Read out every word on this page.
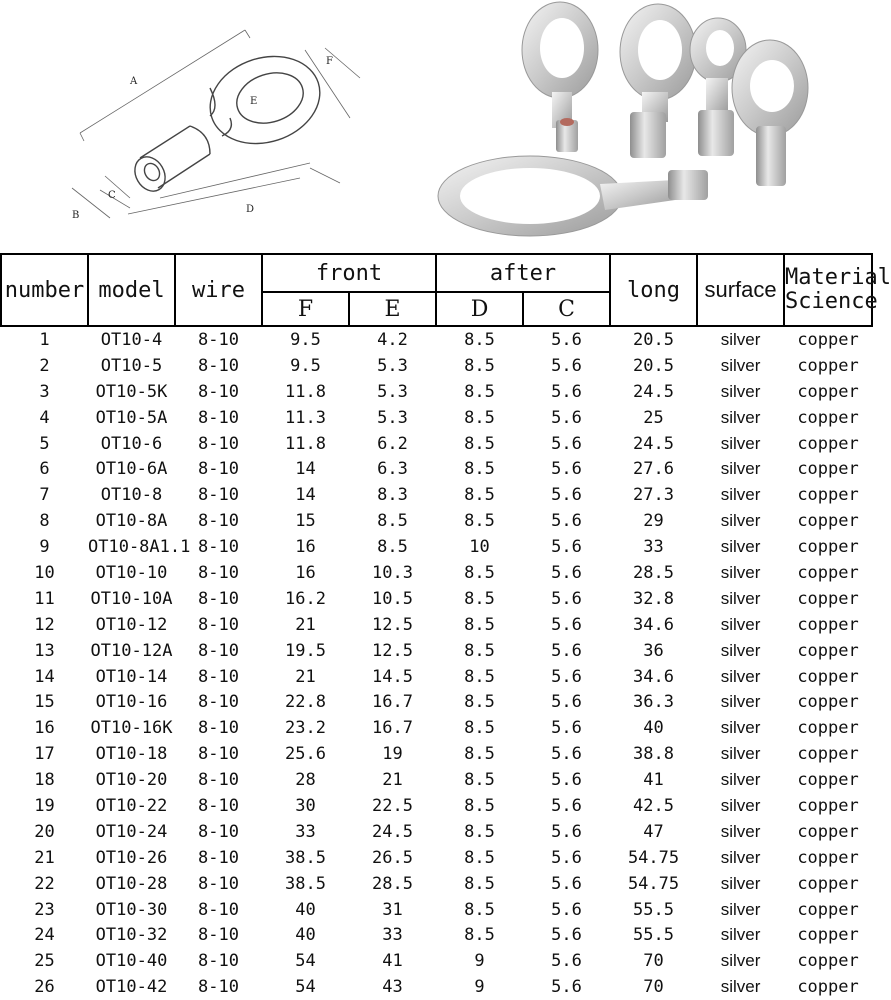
A
B
C
D
E
F
number	model	wire	front		after		long	surface	Material
Science
			F	E	D	C			
1	OT10-4	8-10	9.5	4.2	8.5	5.6	20.5	silver	copper
2	OT10-5	8-10	9.5	5.3	8.5	5.6	20.5	silver	copper
3	OT10-5K	8-10	11.8	5.3	8.5	5.6	24.5	silver	copper
4	OT10-5A	8-10	11.3	5.3	8.5	5.6	25	silver	copper
5	OT10-6	8-10	11.8	6.2	8.5	5.6	24.5	silver	copper
6	OT10-6A	8-10	14	6.3	8.5	5.6	27.6	silver	copper
7	OT10-8	8-10	14	8.3	8.5	5.6	27.3	silver	copper
8	OT10-8A	8-10	15	8.5	8.5	5.6	29	silver	copper
9	OT10-8A1.1	8-10	16	8.5	10	5.6	33	silver	copper
10	OT10-10	8-10	16	10.3	8.5	5.6	28.5	silver	copper
11	OT10-10A	8-10	16.2	10.5	8.5	5.6	32.8	silver	copper
12	OT10-12	8-10	21	12.5	8.5	5.6	34.6	silver	copper
13	OT10-12A	8-10	19.5	12.5	8.5	5.6	36	silver	copper
14	OT10-14	8-10	21	14.5	8.5	5.6	34.6	silver	copper
15	OT10-16	8-10	22.8	16.7	8.5	5.6	36.3	silver	copper
16	OT10-16K	8-10	23.2	16.7	8.5	5.6	40	silver	copper
17	OT10-18	8-10	25.6	19	8.5	5.6	38.8	silver	copper
18	OT10-20	8-10	28	21	8.5	5.6	41	silver	copper
19	OT10-22	8-10	30	22.5	8.5	5.6	42.5	silver	copper
20	OT10-24	8-10	33	24.5	8.5	5.6	47	silver	copper
21	OT10-26	8-10	38.5	26.5	8.5	5.6	54.75	silver	copper
22	OT10-28	8-10	38.5	28.5	8.5	5.6	54.75	silver	copper
23	OT10-30	8-10	40	31	8.5	5.6	55.5	silver	copper
24	OT10-32	8-10	40	33	8.5	5.6	55.5	silver	copper
25	OT10-40	8-10	54	41	9	5.6	70	silver	copper
26	OT10-42	8-10	54	43	9	5.6	70	silver	copper
